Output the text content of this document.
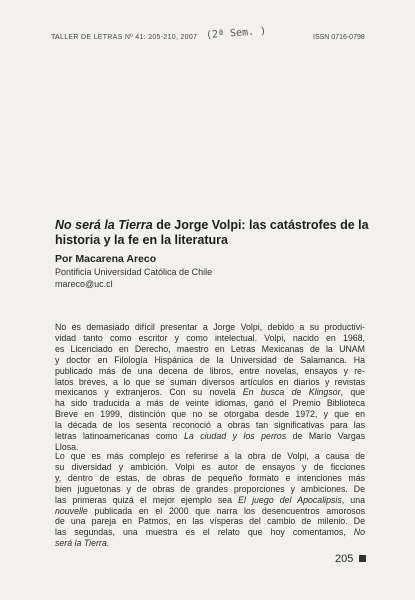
TALLER DE LETRAS Nº 41: 205-210, 2007 (2ª Sem. )	ISSN 0716-0798
No será la Tierra de Jorge Volpi: las catástrofes de la historia y la fe en la literatura
Por Macarena Areco
Pontificia Universidad Católica de Chile
mareco@uc.cl
No es demasiado difícil presentar a Jorge Volpi, debido a su productivi-
vidad tanto como escritor y como intelectual. Volpi, nacido en 1968,
es Licenciado en Derecho, maestro en Letras Mexicanas de la UNAM
y doctor en Filología Hispánica de la Universidad de Salamanca. Ha
publicado más de una decena de libros, entre novelas, ensayos y re-
latos breves, a lo que se suman diversos artículos en diarios y revistas
mexicanos y extranjeros. Con su novela En busca de Klingsor, que
ha sido traducida a más de veinte idiomas, ganó el Premio Biblioteca
Breve en 1999, distinción que no se otorgaba desde 1972, y que en
la década de los sesenta reconoció a obras tan significativas para las
letras latinoamericanas como La ciudad y los perros de Marío Vargas
Llosa.
Lo que es más complejo es referirse a la obra de Volpi, a causa de
su diversidad y ambición. Volpi es autor de ensayos y de ficciones
y, dentro de estas, de obras de pequeño formato e intenciones más
bien juguetonas y de obras de grandes proporciones y ambiciones. De
las primeras quizá el mejor ejemplo sea El juego del Apocalipsis, una
nouvelle publicada en el 2000 que narra los desencuentros amorosos
de una pareja en Patmos, en las vísperas del cambio de milenio. De
las segundas, una muestra es el relato que hoy comentamos, No
será la Tierra.
205
